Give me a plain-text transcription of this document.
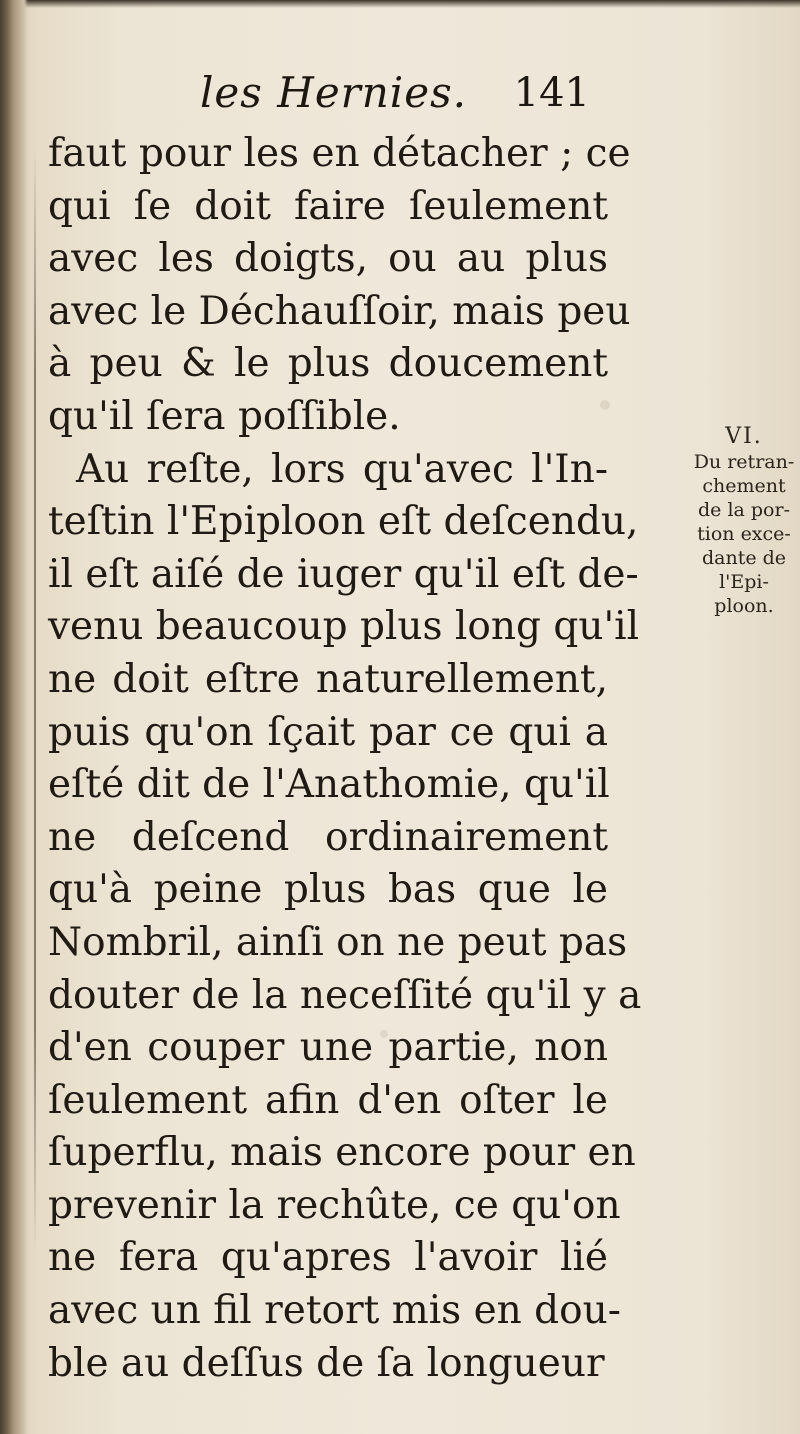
les Hernies. 141
faut pour les en détacher ; ce
qui ſe doit faire ſeulement
avec les doigts, ou au plus
avec le Déchauſſoir, mais peu
à peu & le plus doucement
qu'il ſera poſſible.
Au reſte, lors qu'avec l'In-
teſtin l'Epiploon eſt deſcendu,
il eſt aiſé de iuger qu'il eſt de-
venu beaucoup plus long qu'il
ne doit eſtre naturellement,
puis qu'on ſçait par ce qui a
eſté dit de l'Anathomie, qu'il
ne deſcend ordinairement
qu'à peine plus bas que le
Nombril, ainſi on ne peut pas
douter de la neceſſité qu'il y a
d'en couper une partie, non
ſeulement afin d'en oſter le
ſuperflu, mais encore pour en
prevenir la rechûte, ce qu'on
ne fera qu'apres l'avoir lié
avec un fil retort mis en dou-
ble au deſſus de ſa longueur
VI.
Du retran-
chement
de la por-
tion exce-
dante de
l'Epi-
ploon.
